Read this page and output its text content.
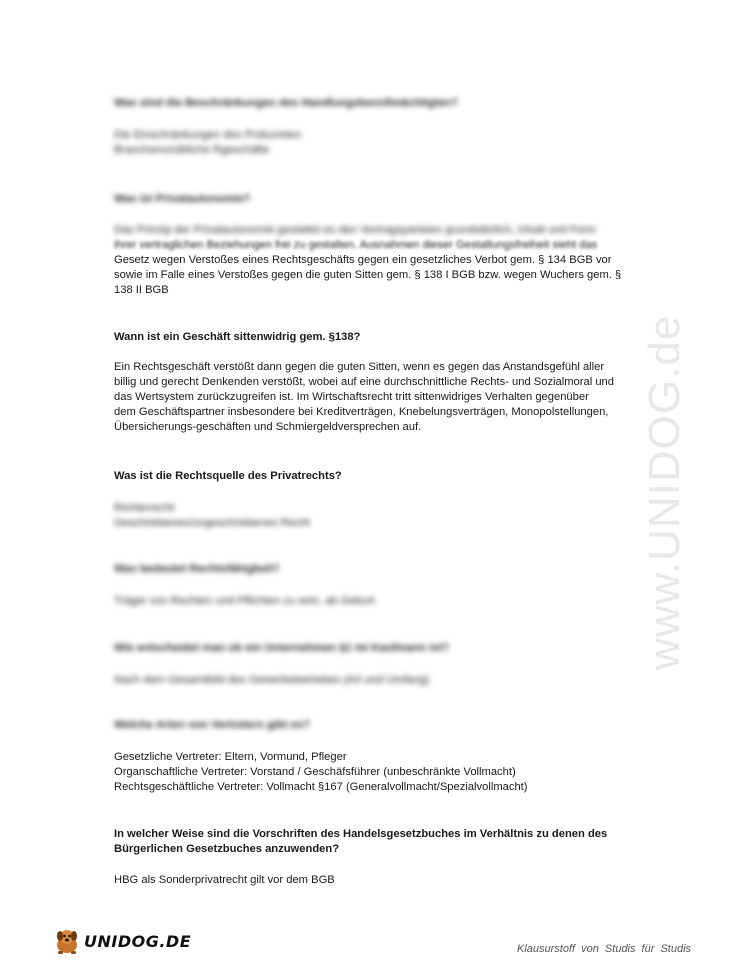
www.UNIDOG.de

Was sind die Beschränkungen des Handlungsbevollmächtigten?

Die Einschränkungen des Prokuristen

Branchenunübliche Rgeschäfte

Was ist Privatautonomie?

Das Prinzip der Privatautonomie gestattet es den Vertragsparteien grundsätzlich, Inhalt und Form

ihrer vertraglichen Beziehungen frei zu gestalten. Ausnahmen dieser Gestaltungsfreiheit sieht das

Gesetz wegen Verstoßes eines Rechtsgeschäfts gegen ein gesetzliches Verbot gem. § 134 BGB vor

sowie im Falle eines Verstoßes gegen die guten Sitten gem. § 138 I BGB bzw. wegen Wuchers gem. §

138 II BGB

Wann ist ein Geschäft sittenwidrig gem. §138?

Ein Rechtsgeschäft verstößt dann gegen die guten Sitten, wenn es gegen das Anstandsgefühl aller

billig und gerecht Denkenden verstößt, wobei auf eine durchschnittliche Rechts- und Sozialmoral und

das Wertsystem zurückzugreifen ist. Im Wirtschaftsrecht tritt sittenwidriges Verhalten gegenüber

dem Geschäftspartner insbesondere bei Kreditverträgen, Knebelungsverträgen, Monopolstellungen,

Übersicherungs-geschäften und Schmiergeldversprechen auf.

Was ist die Rechtsquelle des Privatrechts?

Richterrecht

Geschriebenes/ungeschriebenes Recht

Was bedeutet Rechtsfähigkeit?

Träger von Rechten und Pflichten zu sein, ab Geburt

Wie entscheidet man ob ein Unternehmen §1 Ist Kaufmann ist?

Nach dem Gesamtbild des Gewerbebetriebes (Art und Umfang)

Welche Arten von Vertretern gibt es?

Gesetzliche Vertreter: Eltern, Vormund, Pfleger

Organschaftliche Vertreter: Vorstand / Geschäfsführer (unbeschränkte Vollmacht)

Rechtsgeschäftliche Vertreter: Vollmacht §167 (Generalvollmacht/Spezialvollmacht)

In welcher Weise sind die Vorschriften des Handelsgesetzbuches im Verhältnis zu denen des

Bürgerlichen Gesetzbuches anzuwenden?

HBG als Sonderprivatrecht gilt vor dem BGB

UNIDOG.DE	Klausurstoff von Studis für Studis
